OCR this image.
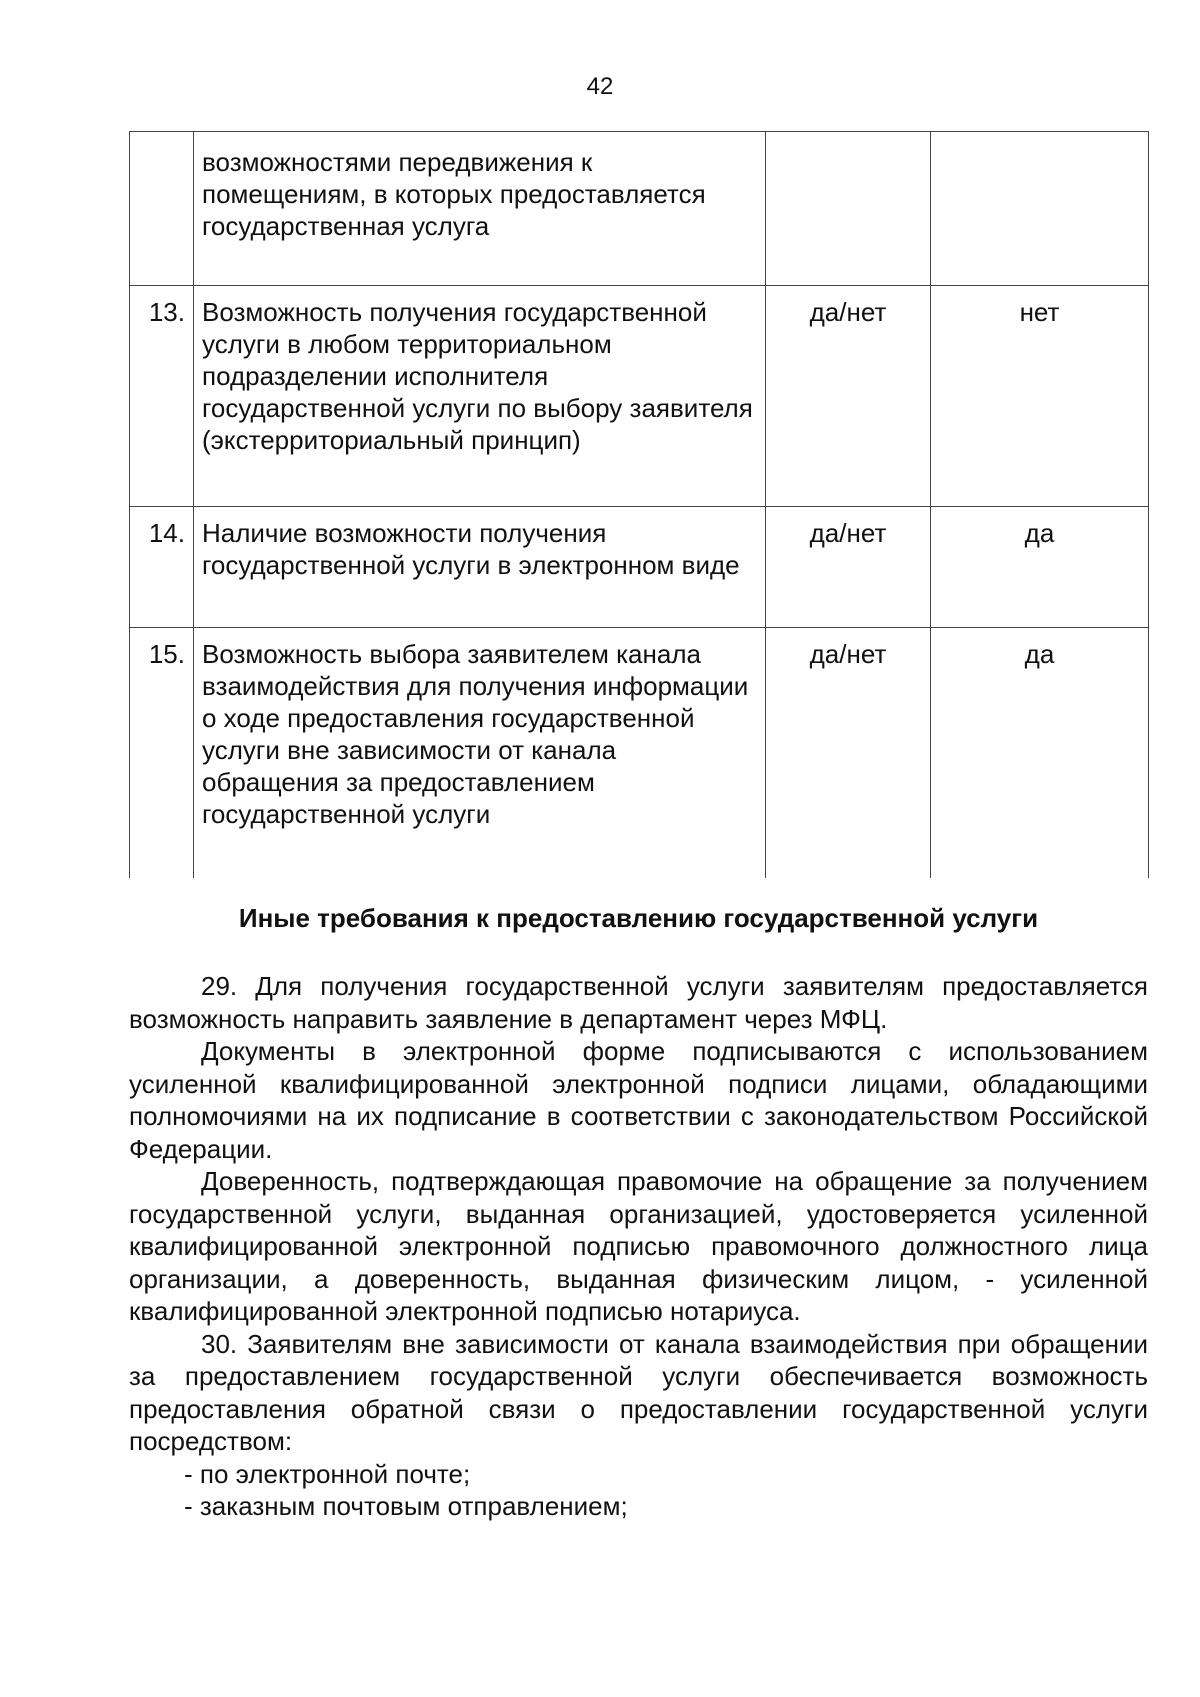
42
	возможностями передвижения к помещениям, в которых предоставляется государственная услуга		
13.	Возможность получения государственной услуги в любом территориальном подразделении исполнителя государственной услуги по выбору заявителя (экстерриториальный принцип)	да/нет	нет
14.	Наличие возможности получения государственной услуги в электронном виде	да/нет	да
15.	Возможность выбора заявителем канала взаимодействия для получения информации о ходе предоставления государственной услуги вне зависимости от канала обращения за предоставлением государственной услуги	да/нет	да
Иные требования к предоставлению государственной услуги

29. Для получения государственной услуги заявителям предоставляется возможность направить заявление в департамент через МФЦ.

Документы в электронной форме подписываются с использованием усиленной квалифицированной электронной подписи лицами, обладающими полномочиями на их подписание в соответствии с законодательством Российской Федерации.

Доверенность, подтверждающая правомочие на обращение за получением государственной услуги, выданная организацией, удостоверяется усиленной квалифицированной электронной подписью правомочного должностного лица организации, а доверенность, выданная физическим лицом, - усиленной квалифицированной электронной подписью нотариуса.

30. Заявителям вне зависимости от канала взаимодействия при обращении за предоставлением государственной услуги обеспечивается возможность предоставления обратной связи о предоставлении государственной услуги посредством:

- по электронной почте;

- заказным почтовым отправлением;
